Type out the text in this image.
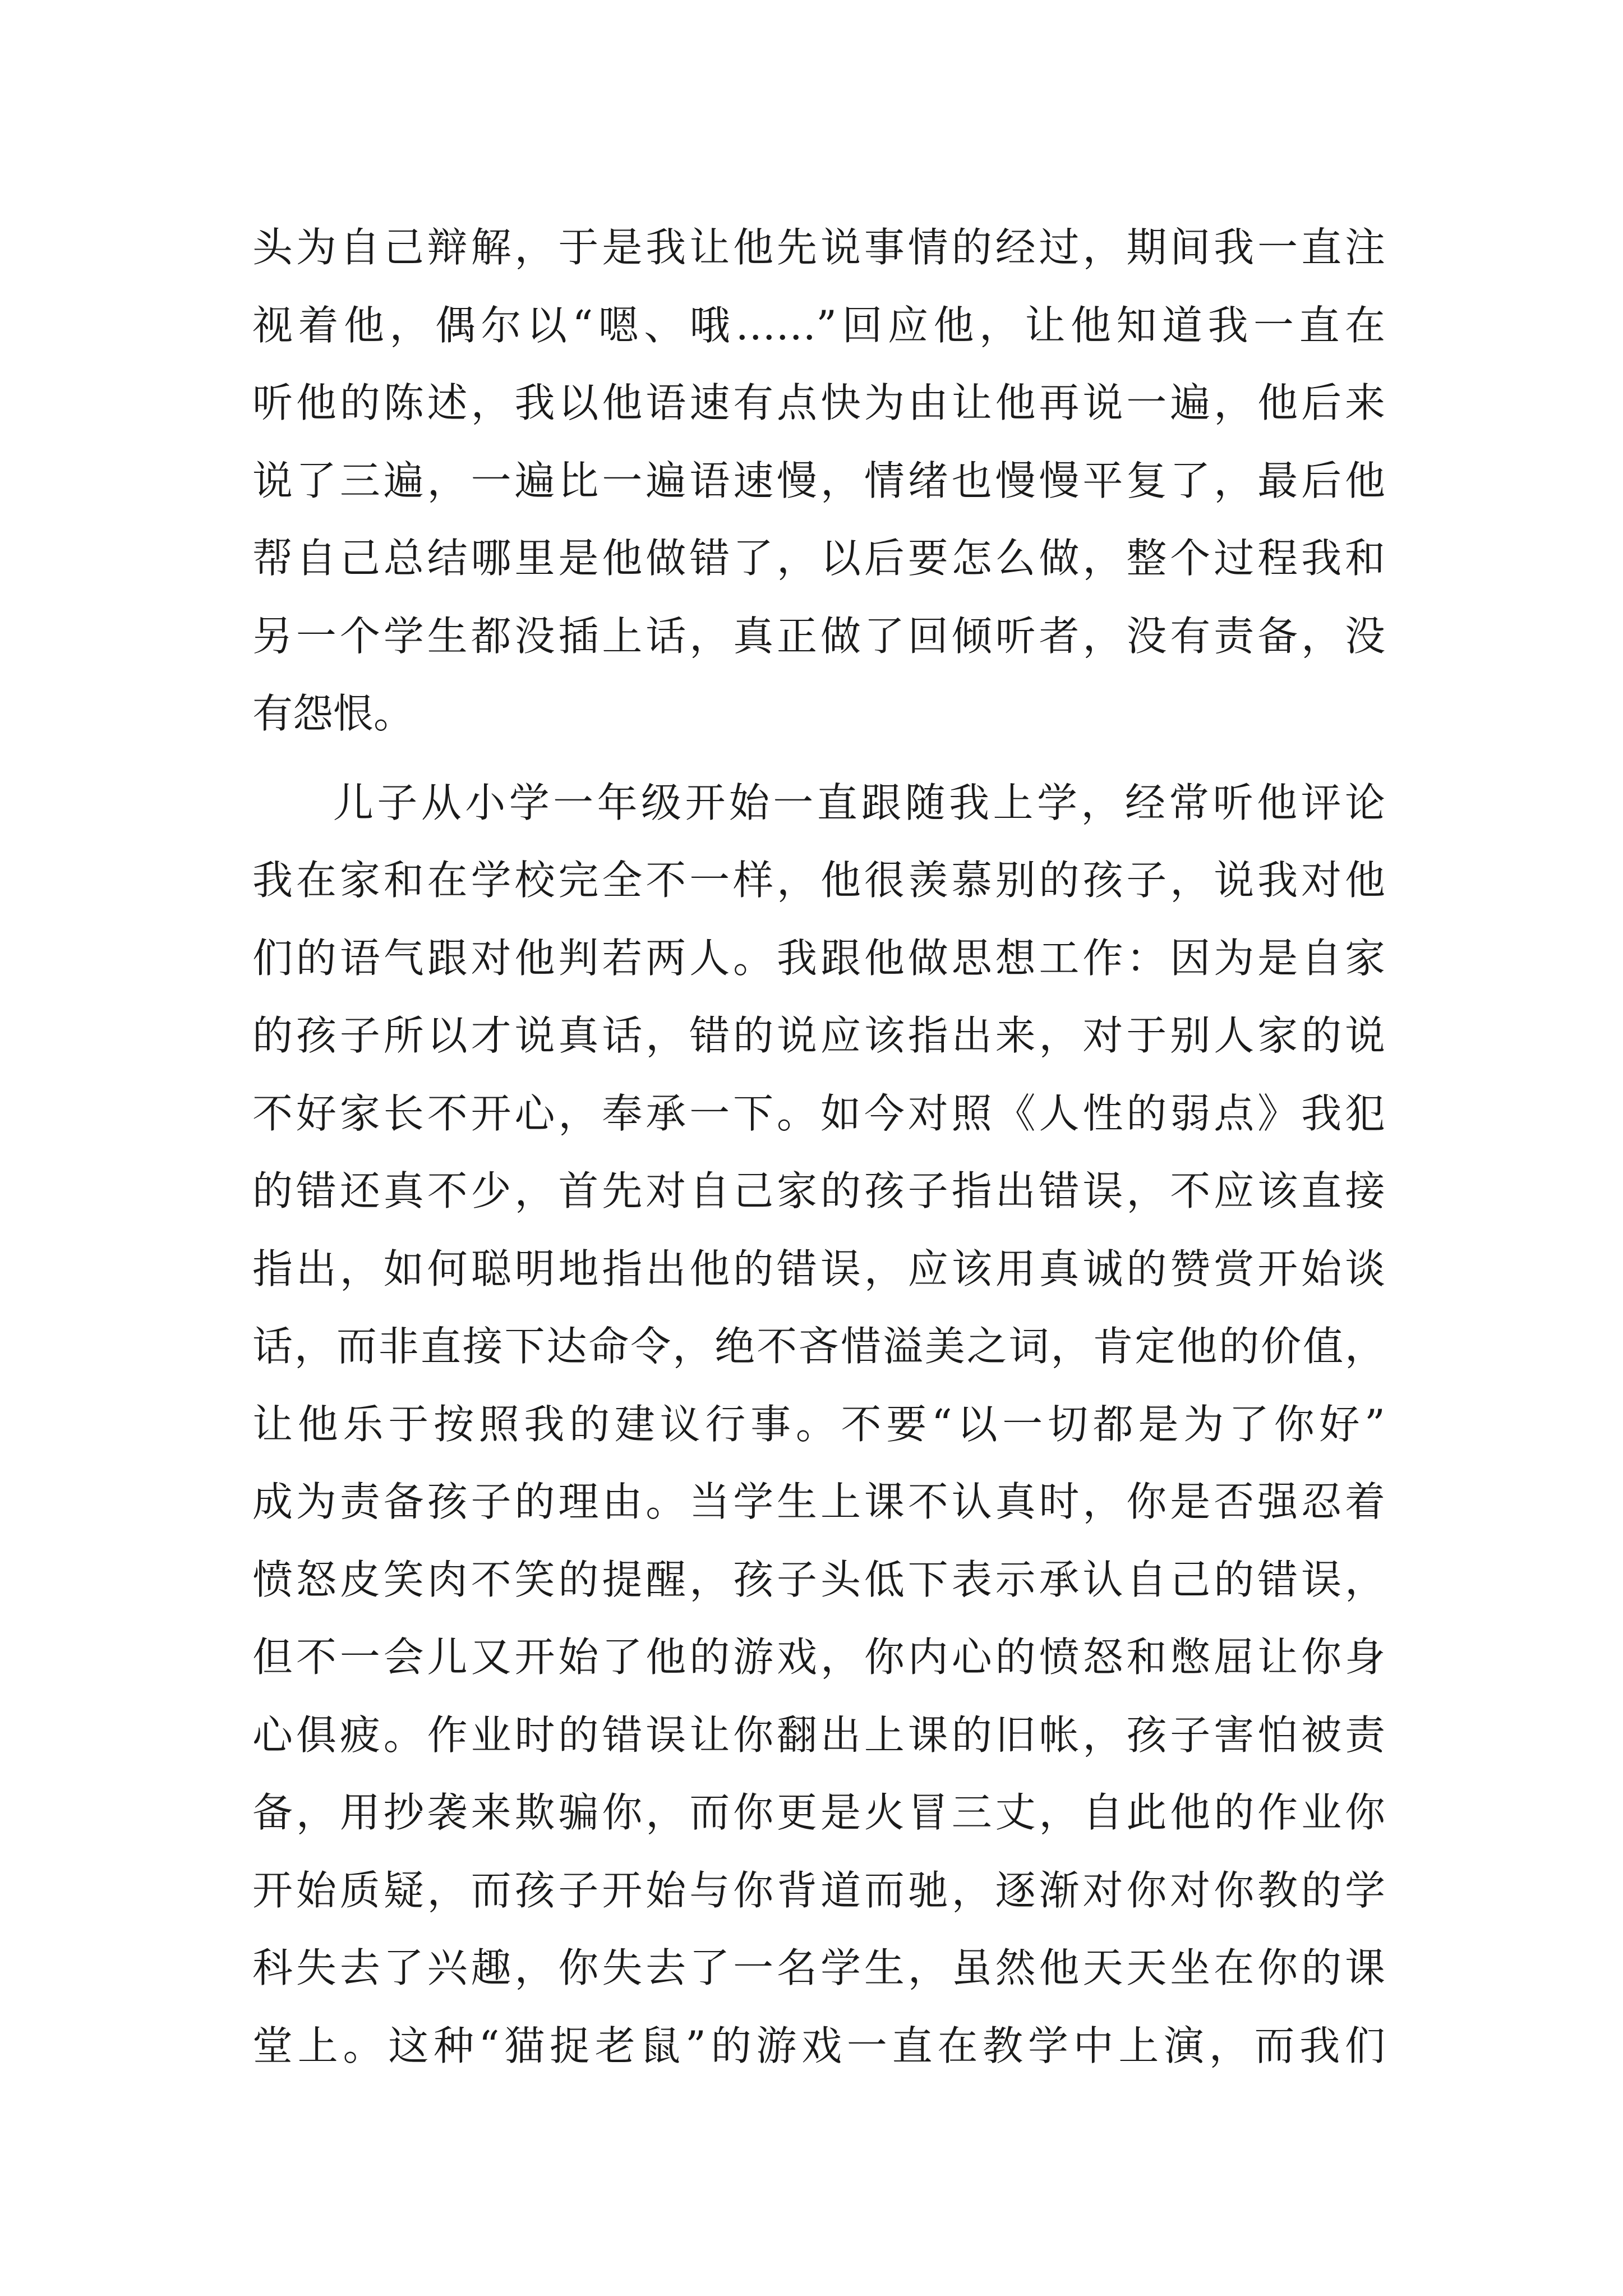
头为自己辩解，于是我让他先说事情的经过，期间我一直注
视着他，偶尔以“嗯、哦……”回应他，让他知道我一直在
听他的陈述，我以他语速有点快为由让他再说一遍，他后来
说了三遍，一遍比一遍语速慢，情绪也慢慢平复了，最后他
帮自己总结哪里是他做错了，以后要怎么做，整个过程我和
另一个学生都没插上话，真正做了回倾听者，没有责备，没
有怨恨。
儿子从小学一年级开始一直跟随我上学，经常听他评论
我在家和在学校完全不一样，他很羡慕别的孩子，说我对他
们的语气跟对他判若两人。我跟他做思想工作：因为是自家
的孩子所以才说真话，错的说应该指出来，对于别人家的说
不好家长不开心，奉承一下。如今对照《人性的弱点》我犯
的错还真不少，首先对自己家的孩子指出错误，不应该直接
指出，如何聪明地指出他的错误，应该用真诚的赞赏开始谈
话，而非直接下达命令，绝不吝惜溢美之词，肯定他的价值，
让他乐于按照我的建议行事。不要“以一切都是为了你好”
成为责备孩子的理由。当学生上课不认真时，你是否强忍着
愤怒皮笑肉不笑的提醒，孩子头低下表示承认自己的错误，
但不一会儿又开始了他的游戏，你内心的愤怒和憋屈让你身
心俱疲。作业时的错误让你翻出上课的旧帐，孩子害怕被责
备，用抄袭来欺骗你，而你更是火冒三丈，自此他的作业你
开始质疑，而孩子开始与你背道而驰，逐渐对你对你教的学
科失去了兴趣，你失去了一名学生，虽然他天天坐在你的课
堂上。这种“猫捉老鼠”的游戏一直在教学中上演，而我们
